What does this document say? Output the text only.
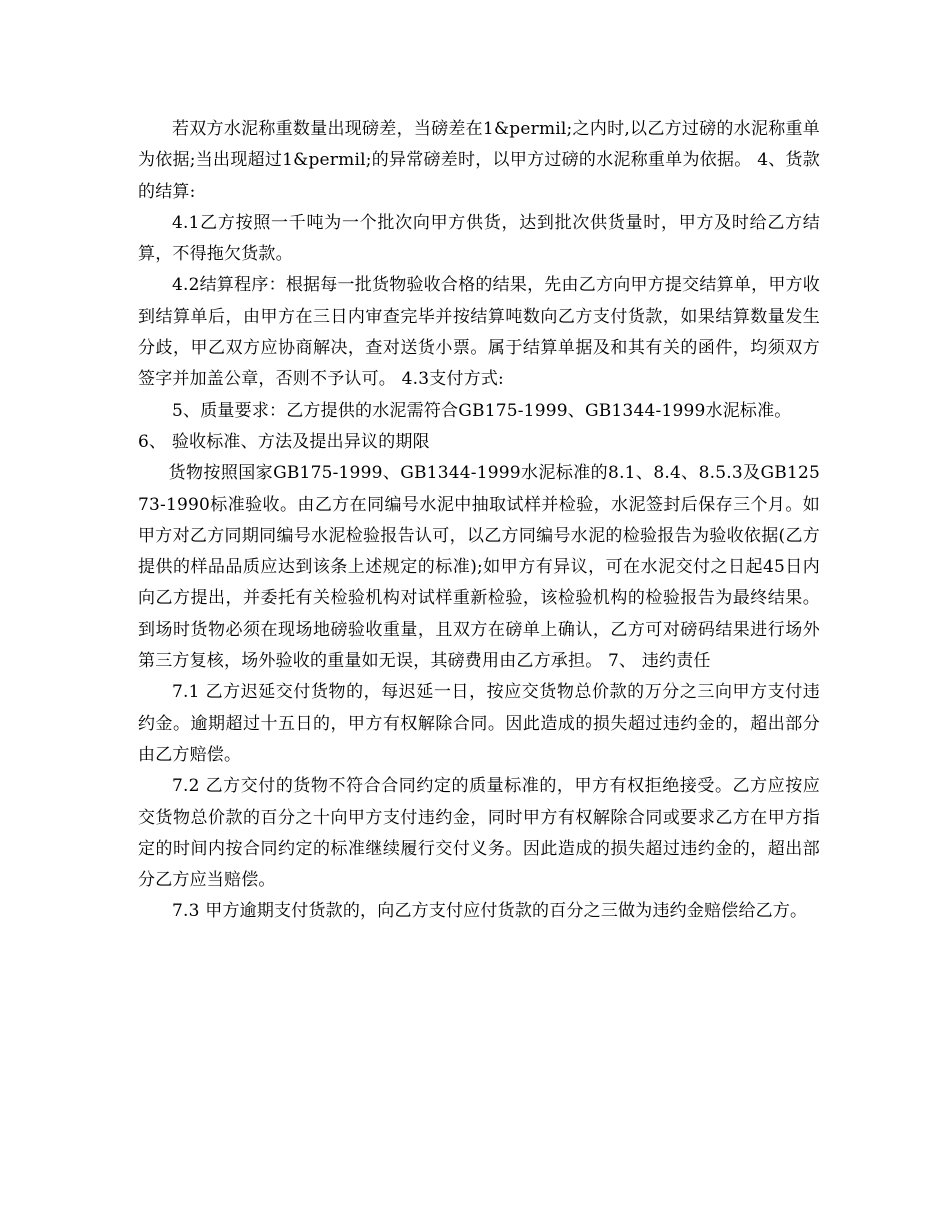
若双方水泥称重数量出现磅差，当磅差在1&permil;之内时,以乙方过磅的水泥称重单为依据;当出现超过1&permil;的异常磅差时，以甲方过磅的水泥称重单为依据。 4、货款的结算:

4.1乙方按照一千吨为一个批次向甲方供货，达到批次供货量时，甲方及时给乙方结算，不得拖欠货款。

4.2结算程序：根据每一批货物验收合格的结果，先由乙方向甲方提交结算单，甲方收到结算单后，由甲方在三日内审查完毕并按结算吨数向乙方支付货款，如果结算数量发生分歧，甲乙双方应协商解决，查对送货小票。属于结算单据及和其有关的函件，均须双方签字并加盖公章，否则不予认可。 4.3支付方式:

5、质量要求：乙方提供的水泥需符合GB175-1999、GB1344-1999水泥标准。

6、 验收标准、方法及提出异议的期限

货物按照国家GB175-1999、GB1344-1999水泥标准的8.1、8.4、8.5.3及GB12573-1990标准验收。由乙方在同编号水泥中抽取试样并检验，水泥签封后保存三个月。如甲方对乙方同期同编号水泥检验报告认可，以乙方同编号水泥的检验报告为验收依据(乙方提供的样品品质应达到该条上述规定的标准);如甲方有异议，可在水泥交付之日起45日内向乙方提出，并委托有关检验机构对试样重新检验，该检验机构的检验报告为最终结果。到场时货物必须在现场地磅验收重量，且双方在磅单上确认，乙方可对磅码结果进行场外第三方复核，场外验收的重量如无误，其磅费用由乙方承担。 7、 违约责任

7.1 乙方迟延交付货物的，每迟延一日，按应交货物总价款的万分之三向甲方支付违约金。逾期超过十五日的，甲方有权解除合同。因此造成的损失超过违约金的，超出部分由乙方赔偿。

7.2 乙方交付的货物不符合合同约定的质量标准的，甲方有权拒绝接受。乙方应按应交货物总价款的百分之十向甲方支付违约金，同时甲方有权解除合同或要求乙方在甲方指定的时间内按合同约定的标准继续履行交付义务。因此造成的损失超过违约金的，超出部分乙方应当赔偿。

7.3 甲方逾期支付货款的，向乙方支付应付货款的百分之三做为违约金赔偿给乙方。
